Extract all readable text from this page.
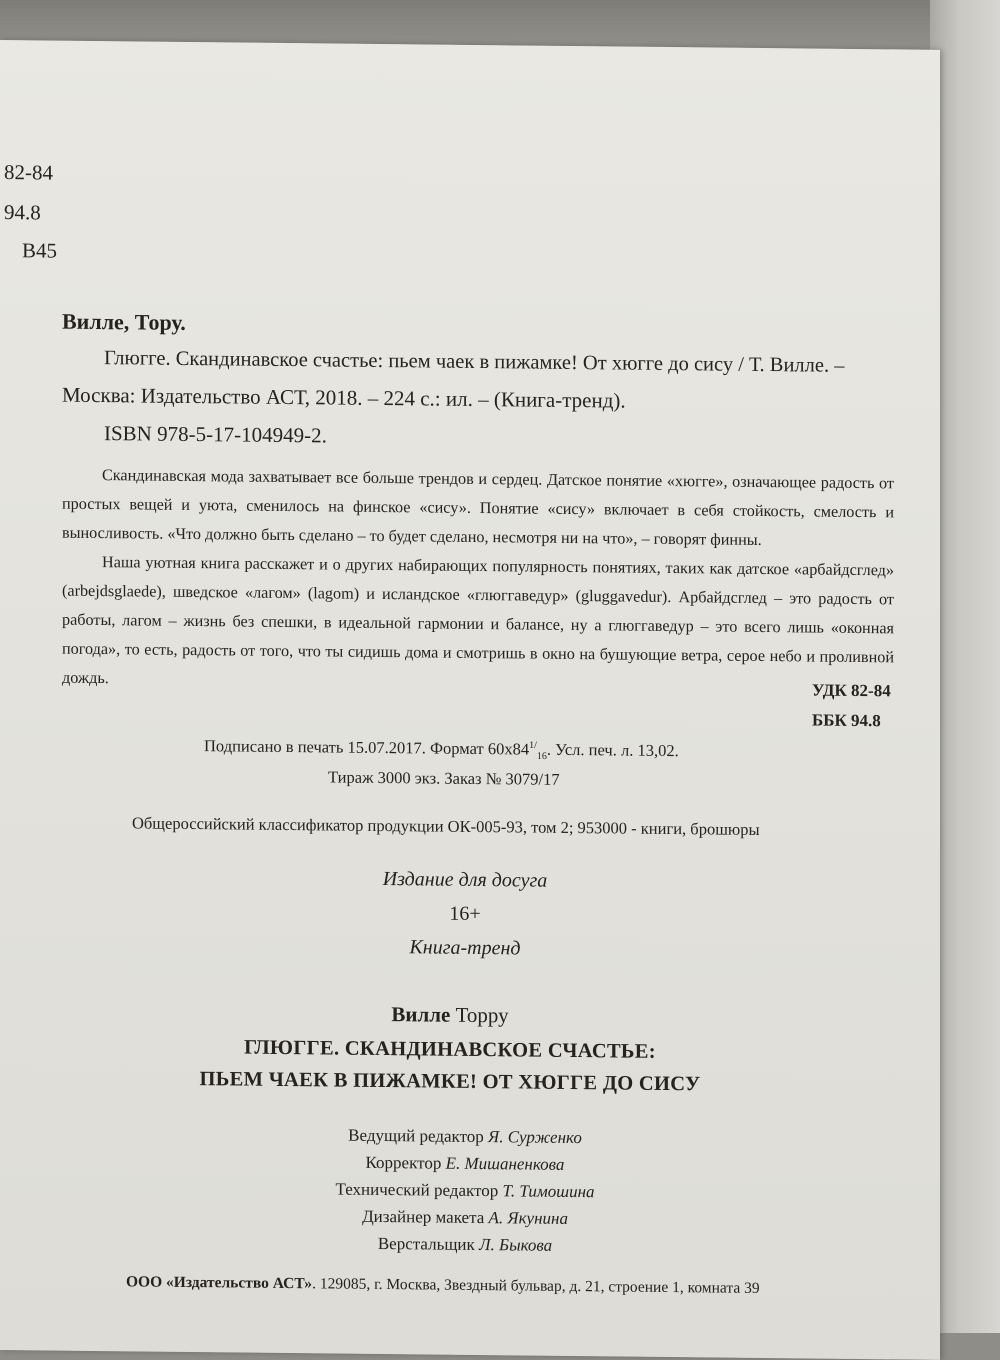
82-84
94.8
В45
Вилле, Тору.
Глюгге. Скандинавское счастье: пьем чаек в пижамке! От хюгге до сису / Т. Вилле. –
Москва: Издательство АСТ, 2018. – 224 с.: ил. – (Книга-тренд).
ISBN 978-5-17-104949-2.

Скандинавская мода захватывает все больше трендов и сердец. Датское понятие «хюгге», означающее радость от простых вещей и уюта, сменилось на финское «сису». Понятие «сису» включает в себя стойкость, смелость и выносливость. «Что должно быть сделано – то будет сделано, несмотря ни на что», – говорят финны.

Наша уютная книга расскажет и о других набирающих популярность понятиях, таких как датское «арбайдсглед» (arbejdsglaede), шведское «лагом» (lagom) и исландское «глюггаведур» (gluggavedur). Арбайдсглед – это радость от работы, лагом – жизнь без спешки, в идеальной гармонии и балансе, ну а глюггаведур – это всего лишь «оконная погода», то есть, радость от того, что ты сидишь дома и смотришь в окно на бушующие ветра, серое небо и проливной дождь.

УДК 82-84
ББК 94.8
Подписано в печать 15.07.2017. Формат $60х84^{1/}_{16}$. Усл. печ. л. 13,02.
Тираж 3000 экз. Заказ № 3079/17
Общероссийский классификатор продукции ОК-005-93, том 2; 953000 - книги, брошюры
Издание для досуга
16+
Книга-тренд
Вилле Торру
ГЛЮГГЕ. СКАНДИНАВСКОЕ СЧАСТЬЕ:
ПЬЕМ ЧАЕК В ПИЖАМКЕ! ОТ ХЮГГЕ ДО СИСУ
Ведущий редактор Я. Сурженко
Корректор Е. Мишаненкова
Технический редактор Т. Тимошина
Дизайнер макета А. Якунина
Верстальщик Л. Быкова
ООО «Издательство АСТ». 129085, г. Москва, Звездный бульвар, д. 21, строение 1, комната 39
